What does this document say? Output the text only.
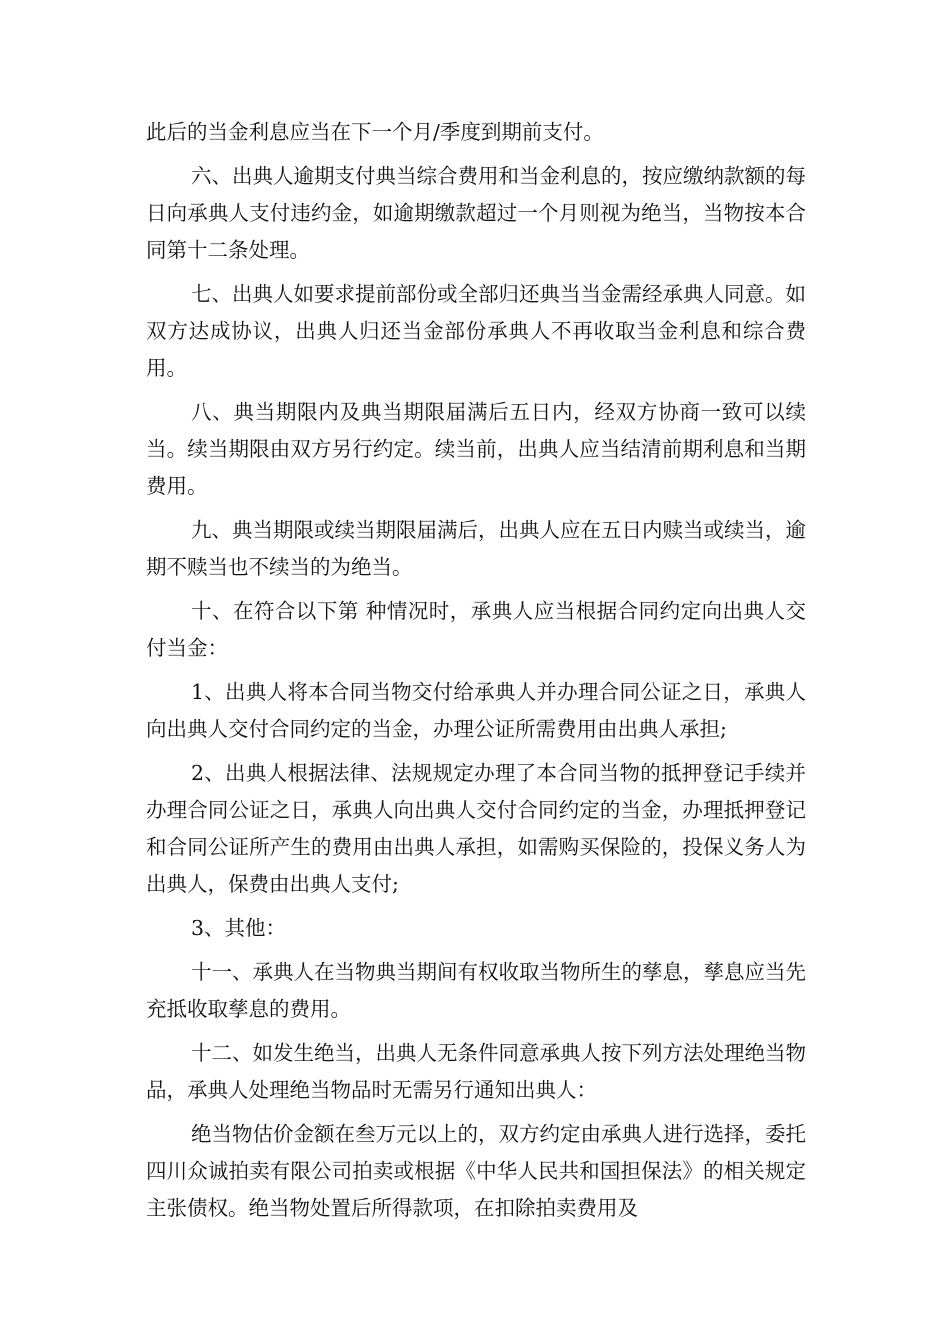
此后的当金利息应当在下一个月/季度到期前支付。

六、出典人逾期支付典当综合费用和当金利息的，按应缴纳款额的每日向承典人支付违约金，如逾期缴款超过一个月则视为绝当，当物按本合同第十二条处理。

七、出典人如要求提前部份或全部归还典当当金需经承典人同意。如双方达成协议，出典人归还当金部份承典人不再收取当金利息和综合费用。

八、典当期限内及典当期限届满后五日内，经双方协商一致可以续当。续当期限由双方另行约定。续当前，出典人应当结清前期利息和当期费用。

九、典当期限或续当期限届满后，出典人应在五日内赎当或续当，逾期不赎当也不续当的为绝当。

十、在符合以下第 种情况时，承典人应当根据合同约定向出典人交付当金：

1、出典人将本合同当物交付给承典人并办理合同公证之日，承典人向出典人交付合同约定的当金，办理公证所需费用由出典人承担;

2、出典人根据法律、法规规定办理了本合同当物的抵押登记手续并办理合同公证之日，承典人向出典人交付合同约定的当金，办理抵押登记和合同公证所产生的费用由出典人承担，如需购买保险的，投保义务人为出典人，保费由出典人支付;

3、其他：

十一、承典人在当物典当期间有权收取当物所生的孳息，孳息应当先充抵收取孳息的费用。

十二、如发生绝当，出典人无条件同意承典人按下列方法处理绝当物品，承典人处理绝当物品时无需另行通知出典人：

绝当物估价金额在叁万元以上的，双方约定由承典人进行选择，委托四川众诚拍卖有限公司拍卖或根据《中华人民共和国担保法》的相关规定主张债权。绝当物处置后所得款项，在扣除拍卖费用及
